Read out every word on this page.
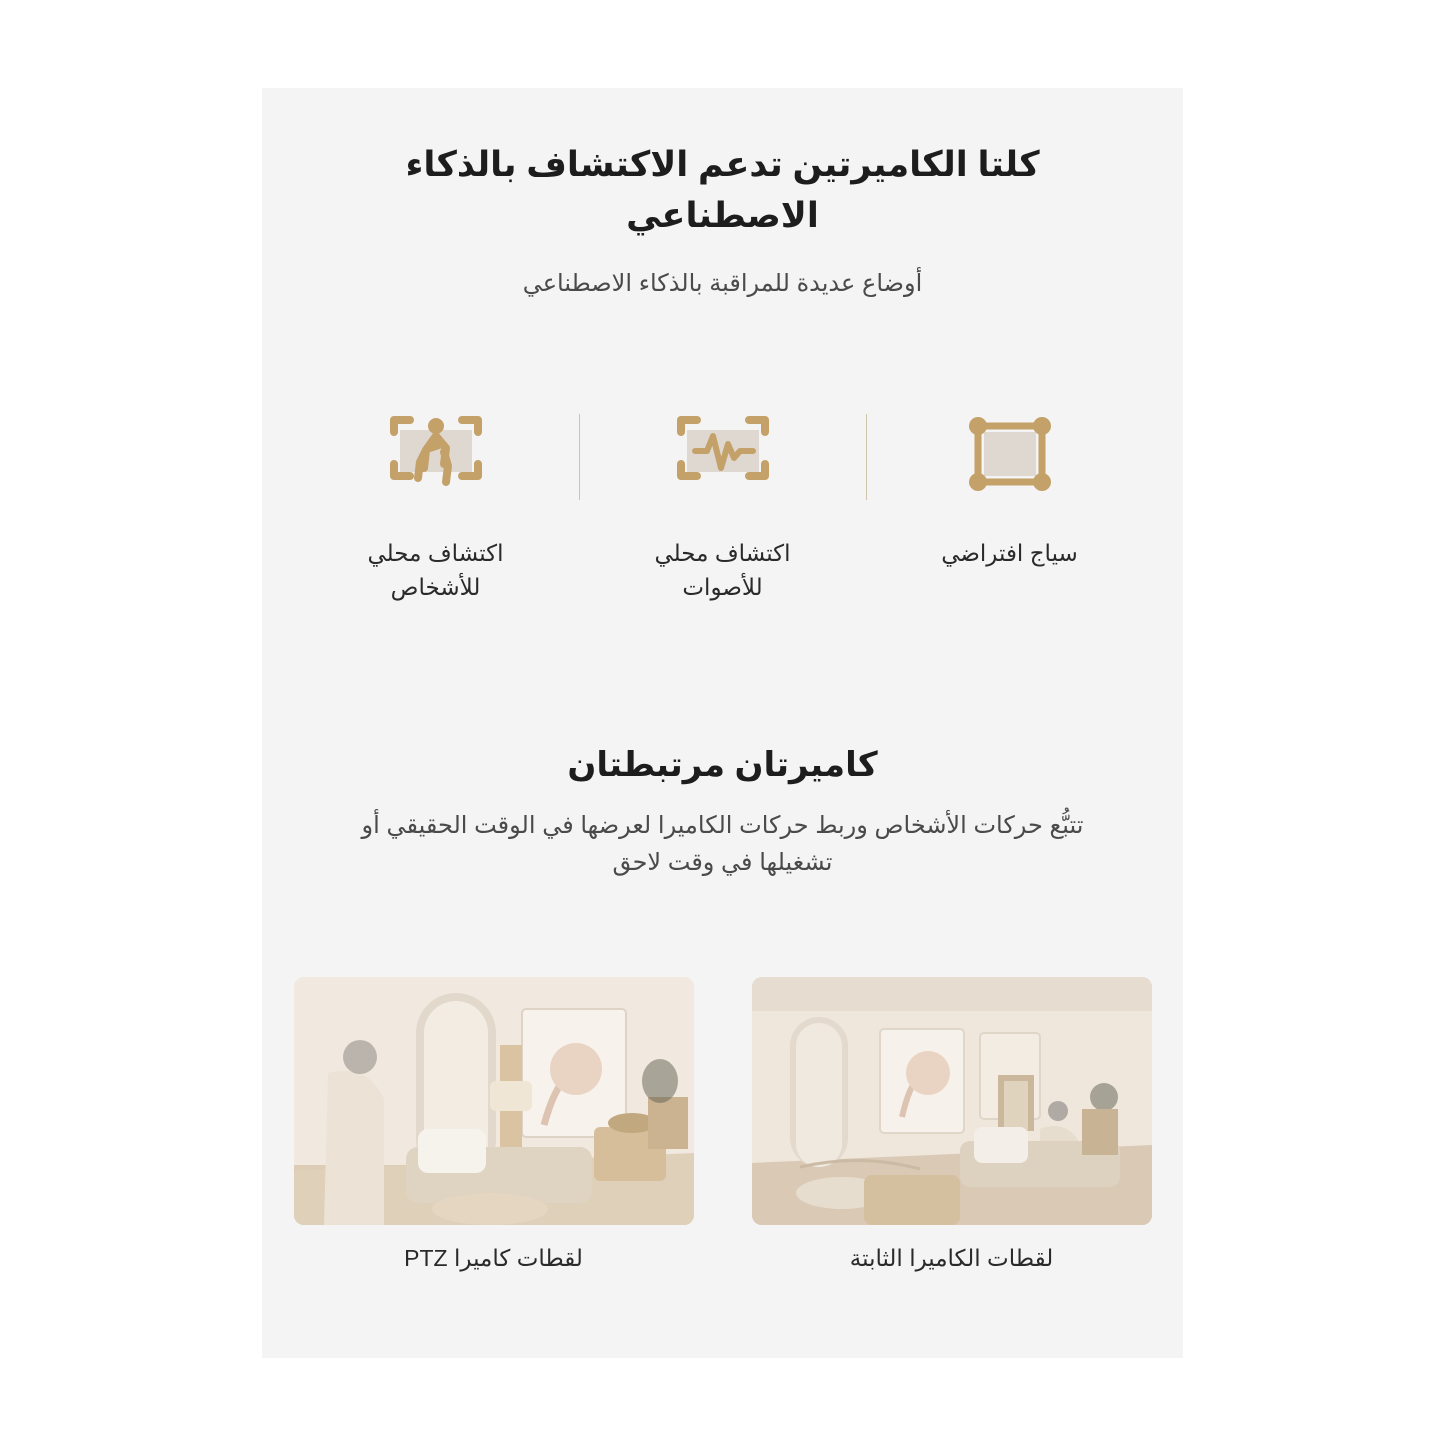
كلتا الكاميرتين تدعم الاكتشاف بالذكاء الاصطناعي

أوضاع عديدة للمراقبة بالذكاء الاصطناعي

سياج افتراضي
اكتشاف محلي للأصوات
اكتشاف محلي للأشخاص
كاميرتان مرتبطتان

تتبُّع حركات الأشخاص وربط حركات الكاميرا لعرضها في الوقت الحقيقي أو تشغيلها في وقت لاحق

لقطات الكاميرا الثابتة
لقطات كاميرا PTZ
